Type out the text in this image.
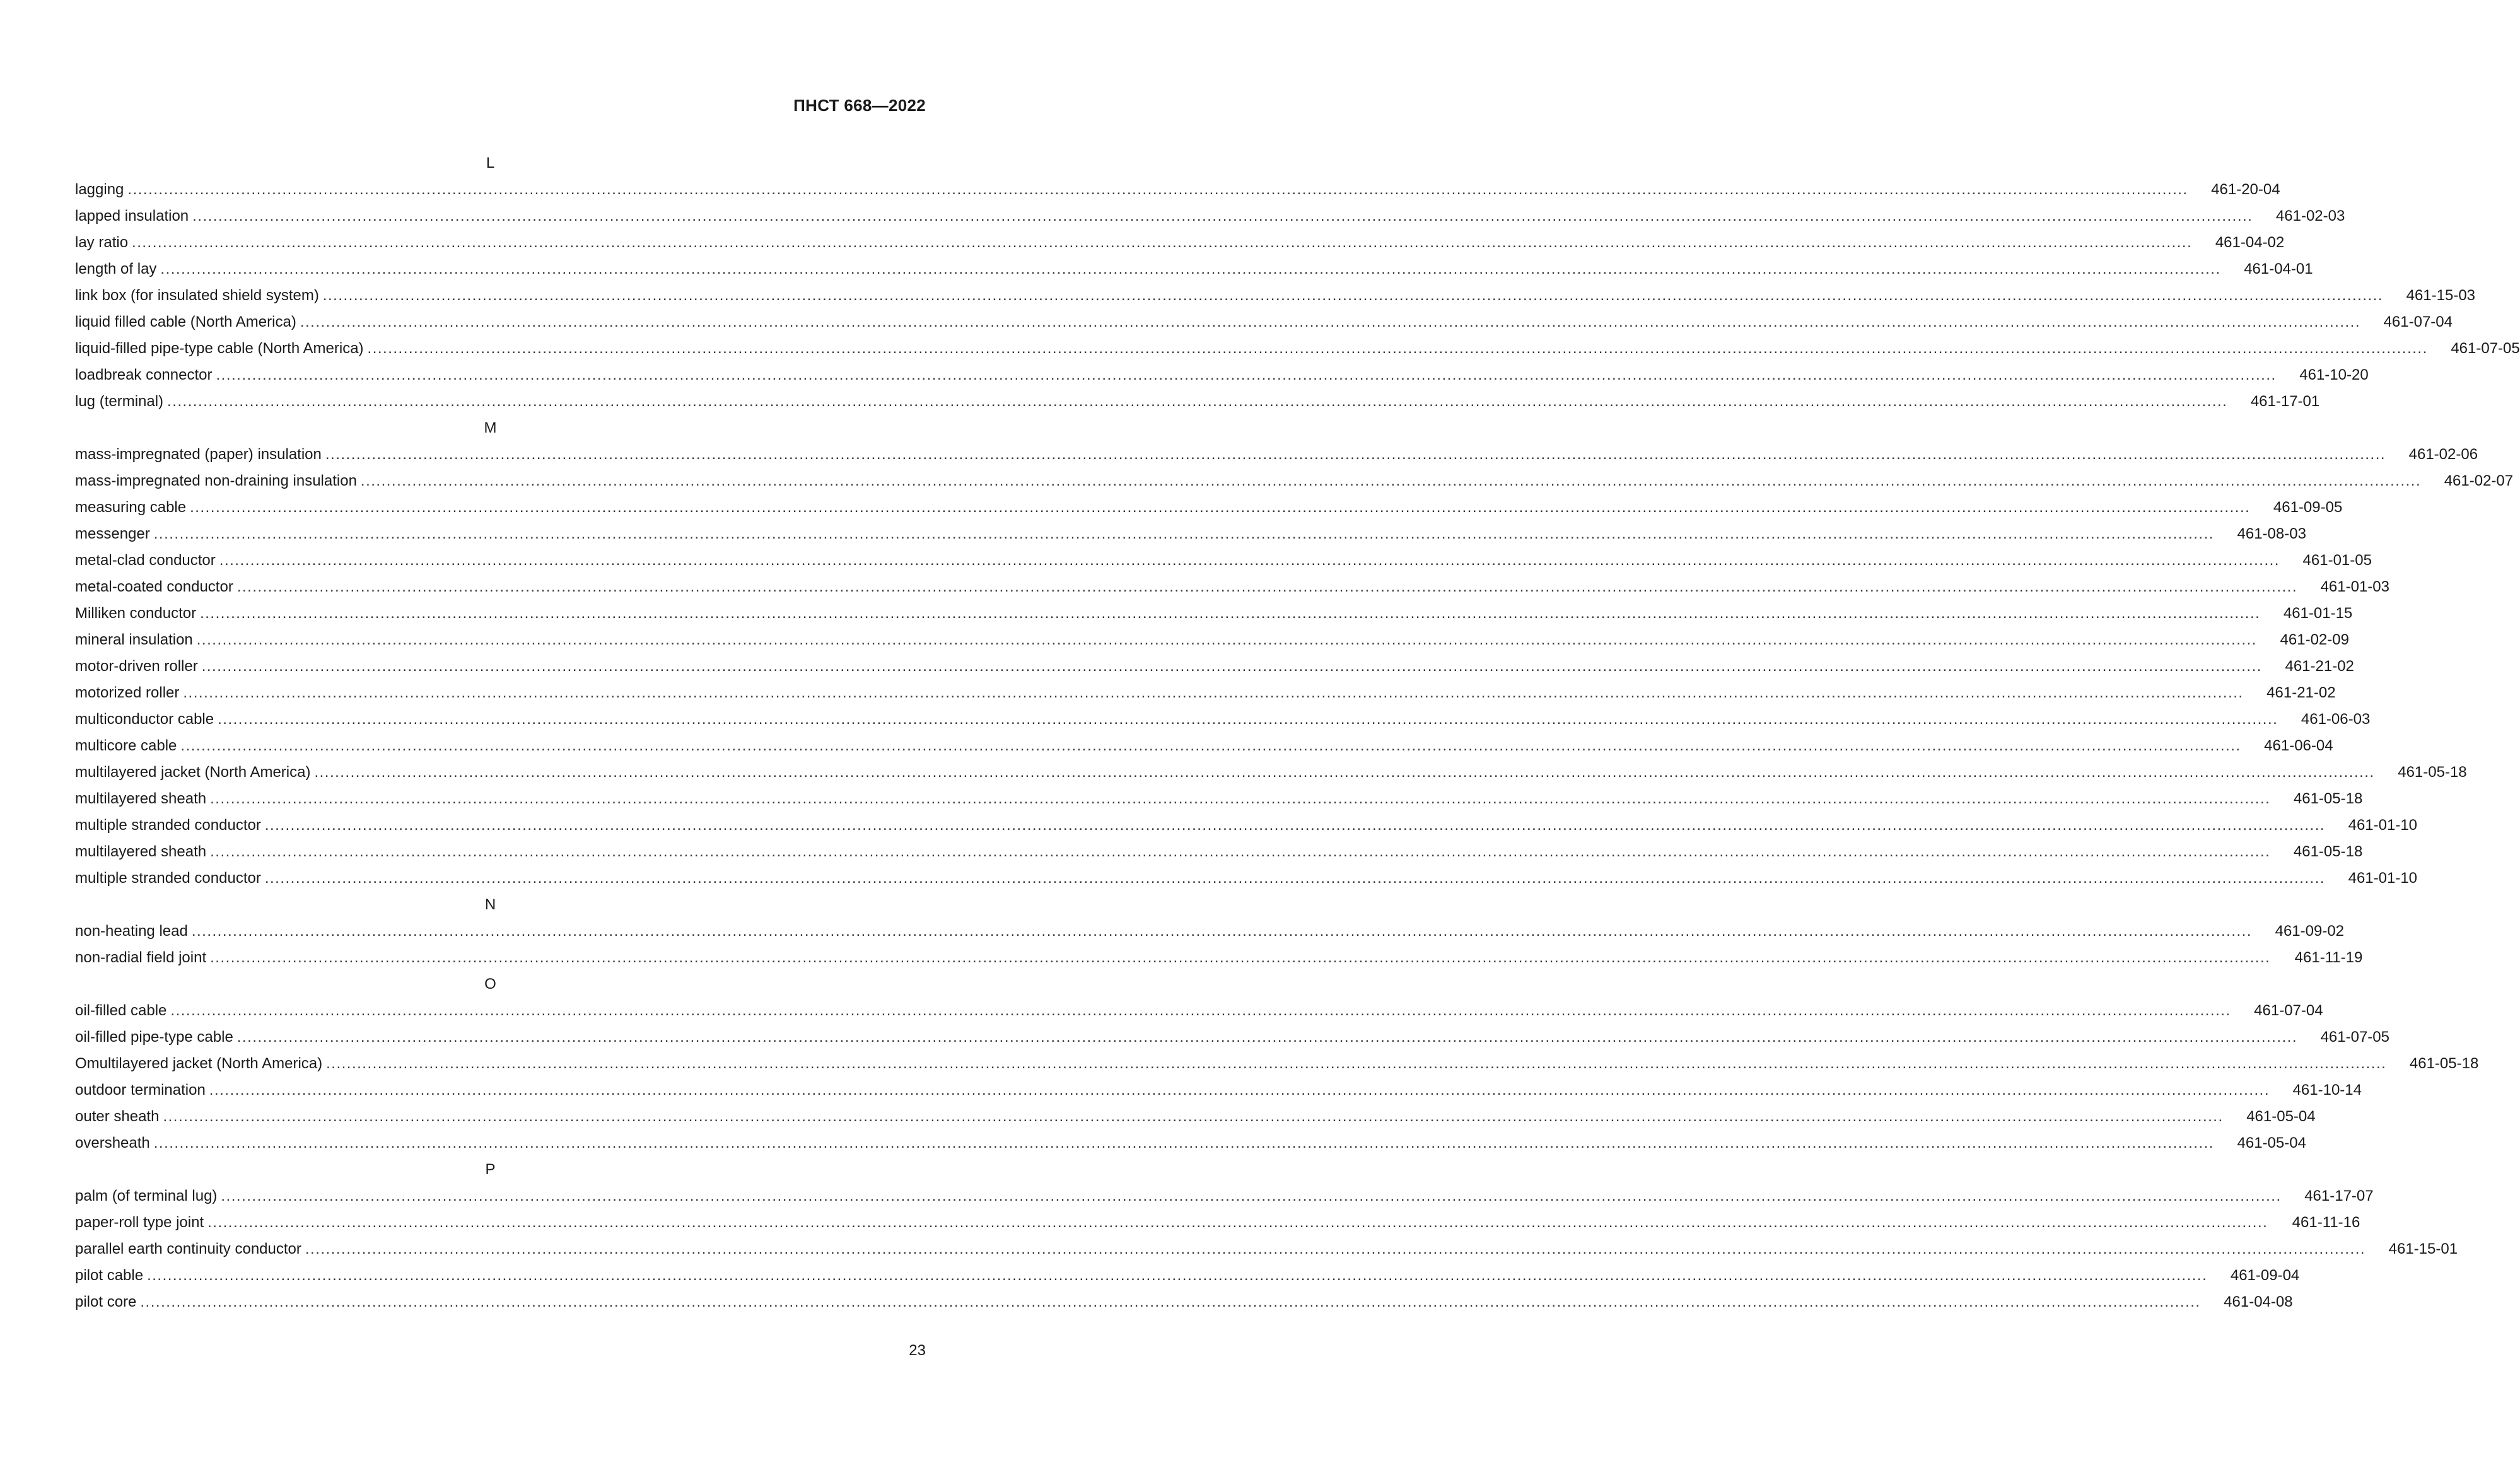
ПНСТ 668—2022
L
lagging ................................................................................................................................................................................................................................................................................................................................................................................................................	461-20-04
lapped insulation ................................................................................................................................................................................................................................................................................................................................................................................................................	461-02-03
lay ratio ................................................................................................................................................................................................................................................................................................................................................................................................................	461-04-02
length of lay ................................................................................................................................................................................................................................................................................................................................................................................................................	461-04-01
link box (for insulated shield system) ................................................................................................................................................................................................................................................................................................................................................................................................................	461-15-03
liquid filled cable (North America) ................................................................................................................................................................................................................................................................................................................................................................................................................	461-07-04
liquid-filled pipe-type cable (North America) ................................................................................................................................................................................................................................................................................................................................................................................................................	461-07-05
loadbreak connector ................................................................................................................................................................................................................................................................................................................................................................................................................	461-10-20
lug (terminal) ................................................................................................................................................................................................................................................................................................................................................................................................................	461-17-01
M
mass-impregnated (paper) insulation ................................................................................................................................................................................................................................................................................................................................................................................................................	461-02-06
mass-impregnated non-draining insulation ................................................................................................................................................................................................................................................................................................................................................................................................................	461-02-07
measuring cable ................................................................................................................................................................................................................................................................................................................................................................................................................	461-09-05
messenger ................................................................................................................................................................................................................................................................................................................................................................................................................	461-08-03
metal-clad conductor ................................................................................................................................................................................................................................................................................................................................................................................................................	461-01-05
metal-coated conductor ................................................................................................................................................................................................................................................................................................................................................................................................................	461-01-03
Milliken conductor ................................................................................................................................................................................................................................................................................................................................................................................................................	461-01-15
mineral insulation ................................................................................................................................................................................................................................................................................................................................................................................................................	461-02-09
motor-driven roller ................................................................................................................................................................................................................................................................................................................................................................................................................	461-21-02
motorized roller ................................................................................................................................................................................................................................................................................................................................................................................................................	461-21-02
multiconductor cable ................................................................................................................................................................................................................................................................................................................................................................................................................	461-06-03
multicore cable ................................................................................................................................................................................................................................................................................................................................................................................................................	461-06-04
multilayered jacket (North America) ................................................................................................................................................................................................................................................................................................................................................................................................................	461-05-18
multilayered sheath ................................................................................................................................................................................................................................................................................................................................................................................................................	461-05-18
multiple stranded conductor ................................................................................................................................................................................................................................................................................................................................................................................................................	461-01-10
multilayered sheath ................................................................................................................................................................................................................................................................................................................................................................................................................	461-05-18
multiple stranded conductor ................................................................................................................................................................................................................................................................................................................................................................................................................	461-01-10
N
non-heating lead ................................................................................................................................................................................................................................................................................................................................................................................................................	461-09-02
non-radial field joint ................................................................................................................................................................................................................................................................................................................................................................................................................	461-11-19
O
oil-filled cable ................................................................................................................................................................................................................................................................................................................................................................................................................	461-07-04
oil-filled pipe-type cable ................................................................................................................................................................................................................................................................................................................................................................................................................	461-07-05
Omultilayered jacket (North America) ................................................................................................................................................................................................................................................................................................................................................................................................................	461-05-18
outdoor termination ................................................................................................................................................................................................................................................................................................................................................................................................................	461-10-14
outer sheath ................................................................................................................................................................................................................................................................................................................................................................................................................	461-05-04
oversheath ................................................................................................................................................................................................................................................................................................................................................................................................................	461-05-04
P
palm (of terminal lug) ................................................................................................................................................................................................................................................................................................................................................................................................................	461-17-07
paper-roll type joint ................................................................................................................................................................................................................................................................................................................................................................................................................	461-11-16
parallel earth continuity conductor ................................................................................................................................................................................................................................................................................................................................................................................................................	461-15-01
pilot cable ................................................................................................................................................................................................................................................................................................................................................................................................................	461-09-04
pilot core ................................................................................................................................................................................................................................................................................................................................................................................................................	461-04-08
23
